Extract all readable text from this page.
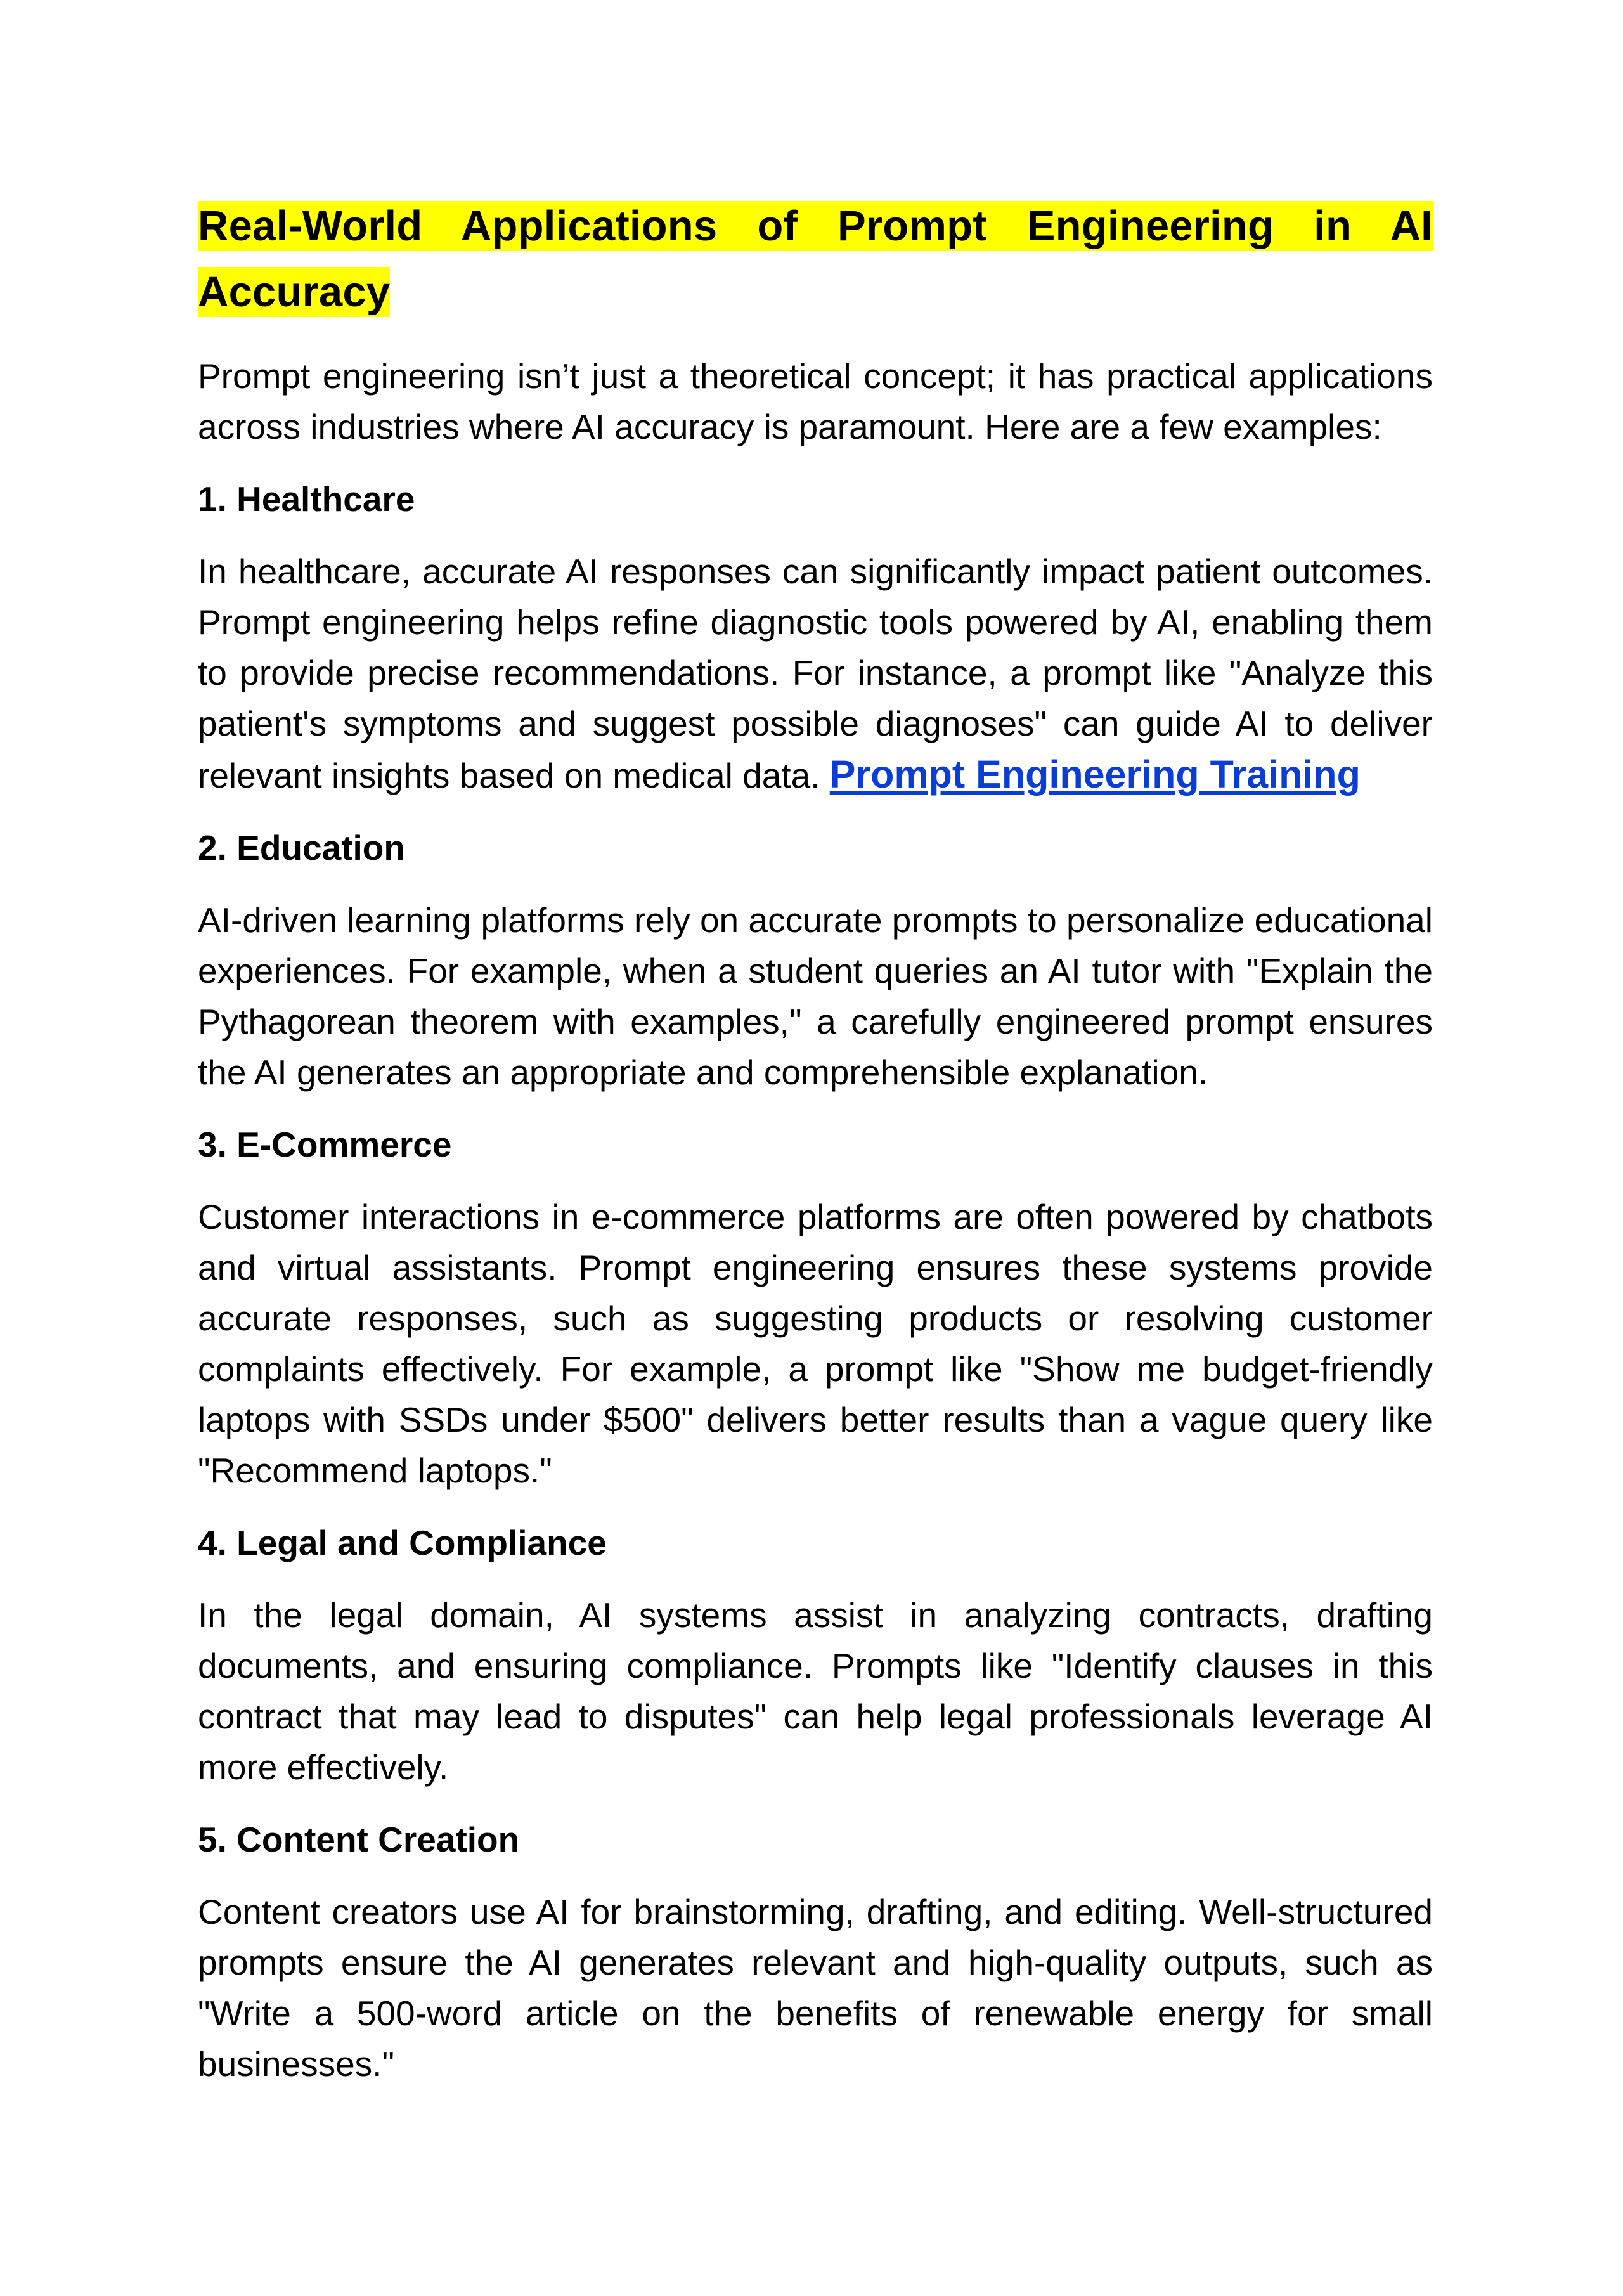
Real-World Applications of Prompt Engineering in AI Accuracy

Prompt engineering isn’t just a theoretical concept; it has practical applications across industries where AI accuracy is paramount. Here are a few examples:

1. Healthcare

In healthcare, accurate AI responses can significantly impact patient outcomes. Prompt engineering helps refine diagnostic tools powered by AI, enabling them to provide precise recommendations. For instance, a prompt like "Analyze this patient's symptoms and suggest possible diagnoses" can guide AI to deliver relevant insights based on medical data. Prompt Engineering Training

2. Education

AI-driven learning platforms rely on accurate prompts to personalize educational experiences. For example, when a student queries an AI tutor with "Explain the Pythagorean theorem with examples," a carefully engineered prompt ensures the AI generates an appropriate and comprehensible explanation.

3. E-Commerce

Customer interactions in e-commerce platforms are often powered by chatbots and virtual assistants. Prompt engineering ensures these systems provide accurate responses, such as suggesting products or resolving customer complaints effectively. For example, a prompt like "Show me budget-friendly laptops with SSDs under $500" delivers better results than a vague query like "Recommend laptops."

4. Legal and Compliance

In the legal domain, AI systems assist in analyzing contracts, drafting documents, and ensuring compliance. Prompts like "Identify clauses in this contract that may lead to disputes" can help legal professionals leverage AI more effectively.

5. Content Creation

Content creators use AI for brainstorming, drafting, and editing. Well-structured prompts ensure the AI generates relevant and high-quality outputs, such as "Write a 500-word article on the benefits of renewable energy for small businesses."
